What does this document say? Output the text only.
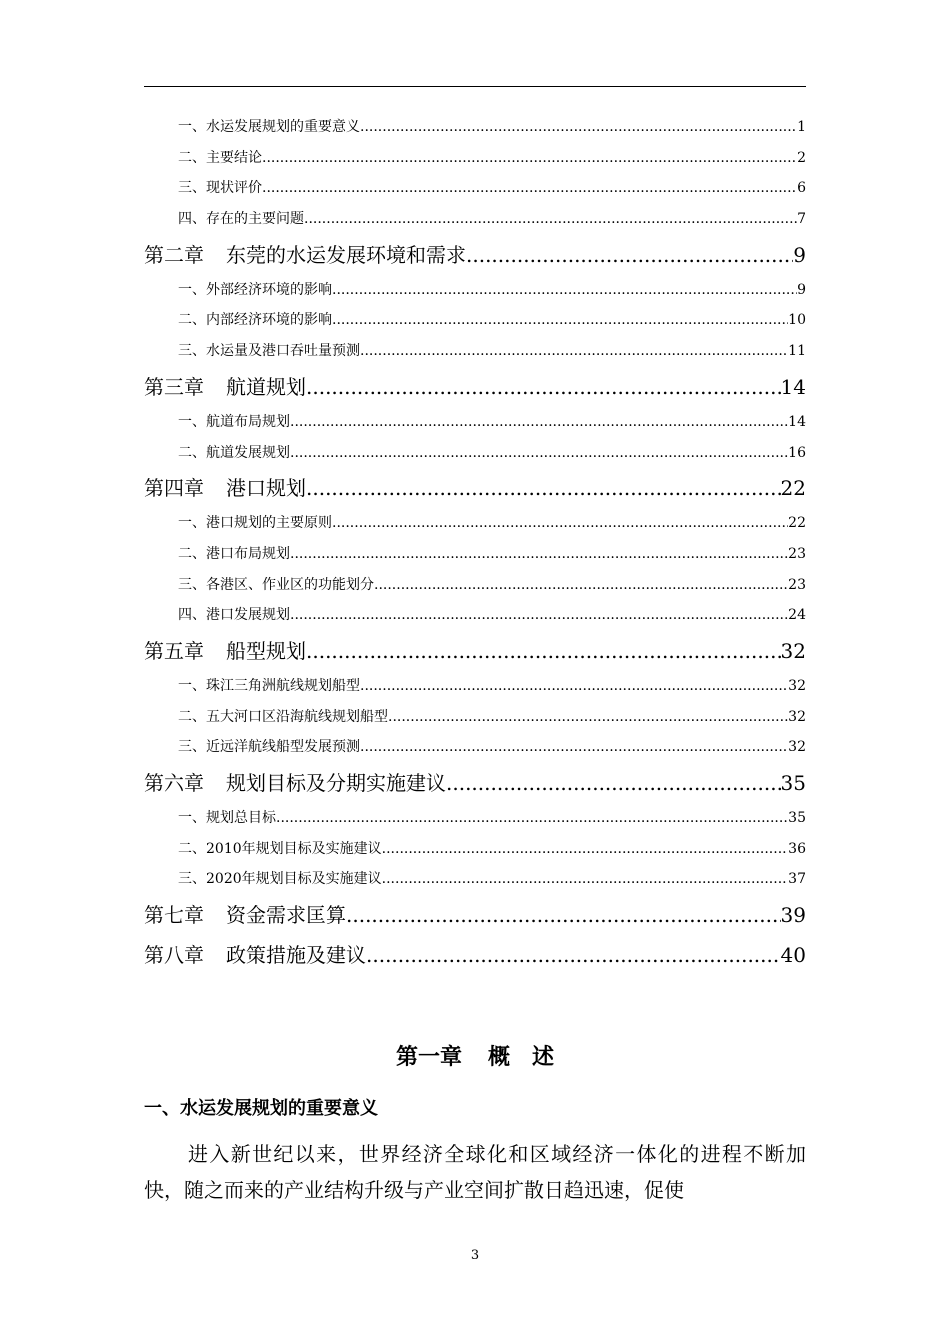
一、水运发展规划的重要意义 .....	1
二、主要结论 .....	2
三、现状评价 .....	6
四、存在的主要问题 .....	7
第二章 东莞的水运发展环境和需求 .....	9
一、外部经济环境的影响 .....	9
二、内部经济环境的影响 .....	10
三、水运量及港口吞吐量预测 .....	11
第三章 航道规划 .....	14
一、航道布局规划 .....	14
二、航道发展规划 .....	16
第四章 港口规划 .....	22
一、港口规划的主要原则 .....	22
二、港口布局规划 .....	23
三、各港区、作业区的功能划分 .....	23
四、港口发展规划 .....	24
第五章 船型规划 .....	32
一、珠江三角洲航线规划船型 .....	32
二、五大河口区沿海航线规划船型 .....	32
三、近远洋航线船型发展预测 .....	32
第六章 规划目标及分期实施建议 .....	35
一、规划总目标 .....	35
二、2010年规划目标及实施建议 .....	36
三、2020年规划目标及实施建议 .....	37
第七章 资金需求匡算 .....	39
第八章 政策措施及建议 .....	40
第一章 概　述
一、水运发展规划的重要意义
进入新世纪以来，世界经济全球化和区域经济一体化的进程不断加快，随之而来的产业结构升级与产业空间扩散日趋迅速，促使
3
